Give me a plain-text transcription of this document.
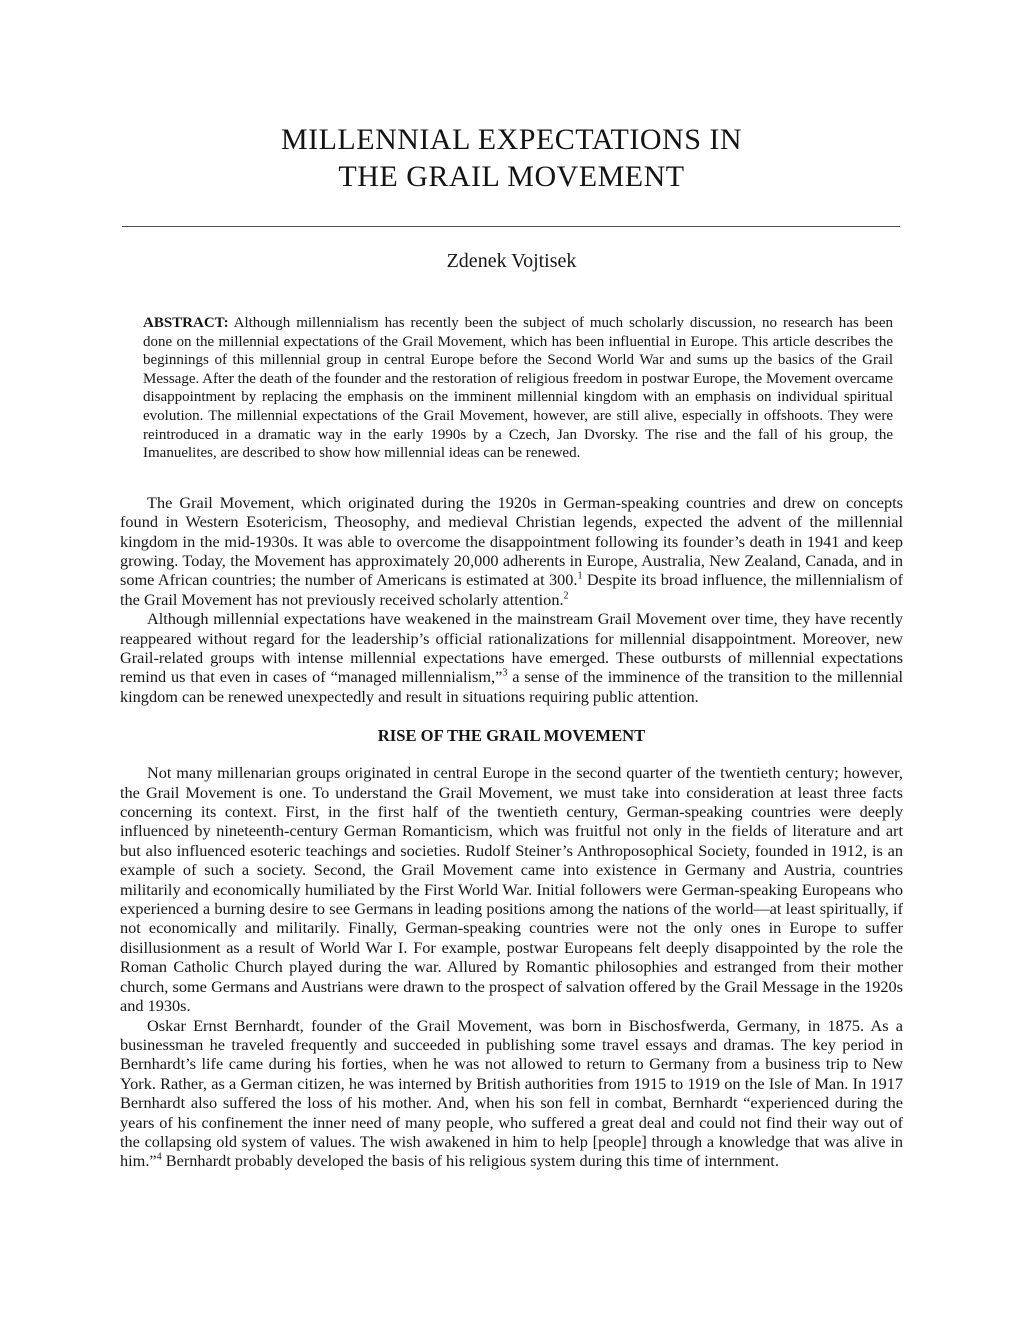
MILLENNIAL EXPECTATIONS IN
THE GRAIL MOVEMENT
Zdenek Vojtisek

ABSTRACT: Although millennialism has recently been the subject of much scholarly discussion, no research has been done on the millennial expectations of the Grail Movement, which has been influential in Europe. This article describes the beginnings of this millennial group in central Europe before the Second World War and sums up the basics of the Grail Message. After the death of the founder and the restoration of religious freedom in postwar Europe, the Movement overcame disappointment by replacing the emphasis on the imminent millennial kingdom with an emphasis on individual spiritual evolution. The millennial expectations of the Grail Movement, however, are still alive, especially in offshoots. They were reintroduced in a dramatic way in the early 1990s by a Czech, Jan Dvorsky. The rise and the fall of his group, the Imanuelites, are described to show how millennial ideas can be renewed.

The Grail Movement, which originated during the 1920s in German-speaking countries and drew on concepts found in Western Esotericism, Theosophy, and medieval Christian legends, expected the advent of the millennial kingdom in the mid-1930s. It was able to overcome the disappointment following its founder’s death in 1941 and keep growing. Today, the Movement has approximately 20,000 adherents in Europe, Australia, New Zealand, Canada, and in some African countries; the number of Americans is estimated at 300.$^1$ Despite its broad influence, the millennialism of the Grail Movement has not previously received scholarly attention.$^2$

Although millennial expectations have weakened in the mainstream Grail Movement over time, they have recently reappeared without regard for the leadership’s official rationalizations for millennial disappointment. Moreover, new Grail-related groups with intense millennial expectations have emerged. These outbursts of millennial expectations remind us that even in cases of “managed millennialism,”$^3$ a sense of the imminence of the transition to the millennial kingdom can be renewed unexpectedly and result in situations requiring public attention.

RISE OF THE GRAIL MOVEMENT

Not many millenarian groups originated in central Europe in the second quarter of the twentieth century; however, the Grail Movement is one. To understand the Grail Movement, we must take into consideration at least three facts concerning its context. First, in the first half of the twentieth century, German-speaking countries were deeply influenced by nineteenth-century German Romanticism, which was fruitful not only in the fields of literature and art but also influenced esoteric teachings and societies. Rudolf Steiner’s Anthroposophical Society, founded in 1912, is an example of such a society. Second, the Grail Movement came into existence in Germany and Austria, countries militarily and economically humiliated by the First World War. Initial followers were German-speaking Europeans who experienced a burning desire to see Germans in leading positions among the nations of the world—at least spiritually, if not economically and militarily. Finally, German-speaking countries were not the only ones in Europe to suffer disillusionment as a result of World War I. For example, postwar Europeans felt deeply disappointed by the role the Roman Catholic Church played during the war. Allured by Romantic philosophies and estranged from their mother church, some Germans and Austrians were drawn to the prospect of salvation offered by the Grail Message in the 1920s and 1930s.

Oskar Ernst Bernhardt, founder of the Grail Movement, was born in Bischosfwerda, Germany, in 1875. As a businessman he traveled frequently and succeeded in publishing some travel essays and dramas. The key period in Bernhardt’s life came during his forties, when he was not allowed to return to Germany from a business trip to New York. Rather, as a German citizen, he was interned by British authorities from 1915 to 1919 on the Isle of Man. In 1917 Bernhardt also suffered the loss of his mother. And, when his son fell in combat, Bernhardt “experienced during the years of his confinement the inner need of many people, who suffered a great deal and could not find their way out of the collapsing old system of values. The wish awakened in him to help [people] through a knowledge that was alive in him.”$^4$ Bernhardt probably developed the basis of his religious system during this time of internment.
